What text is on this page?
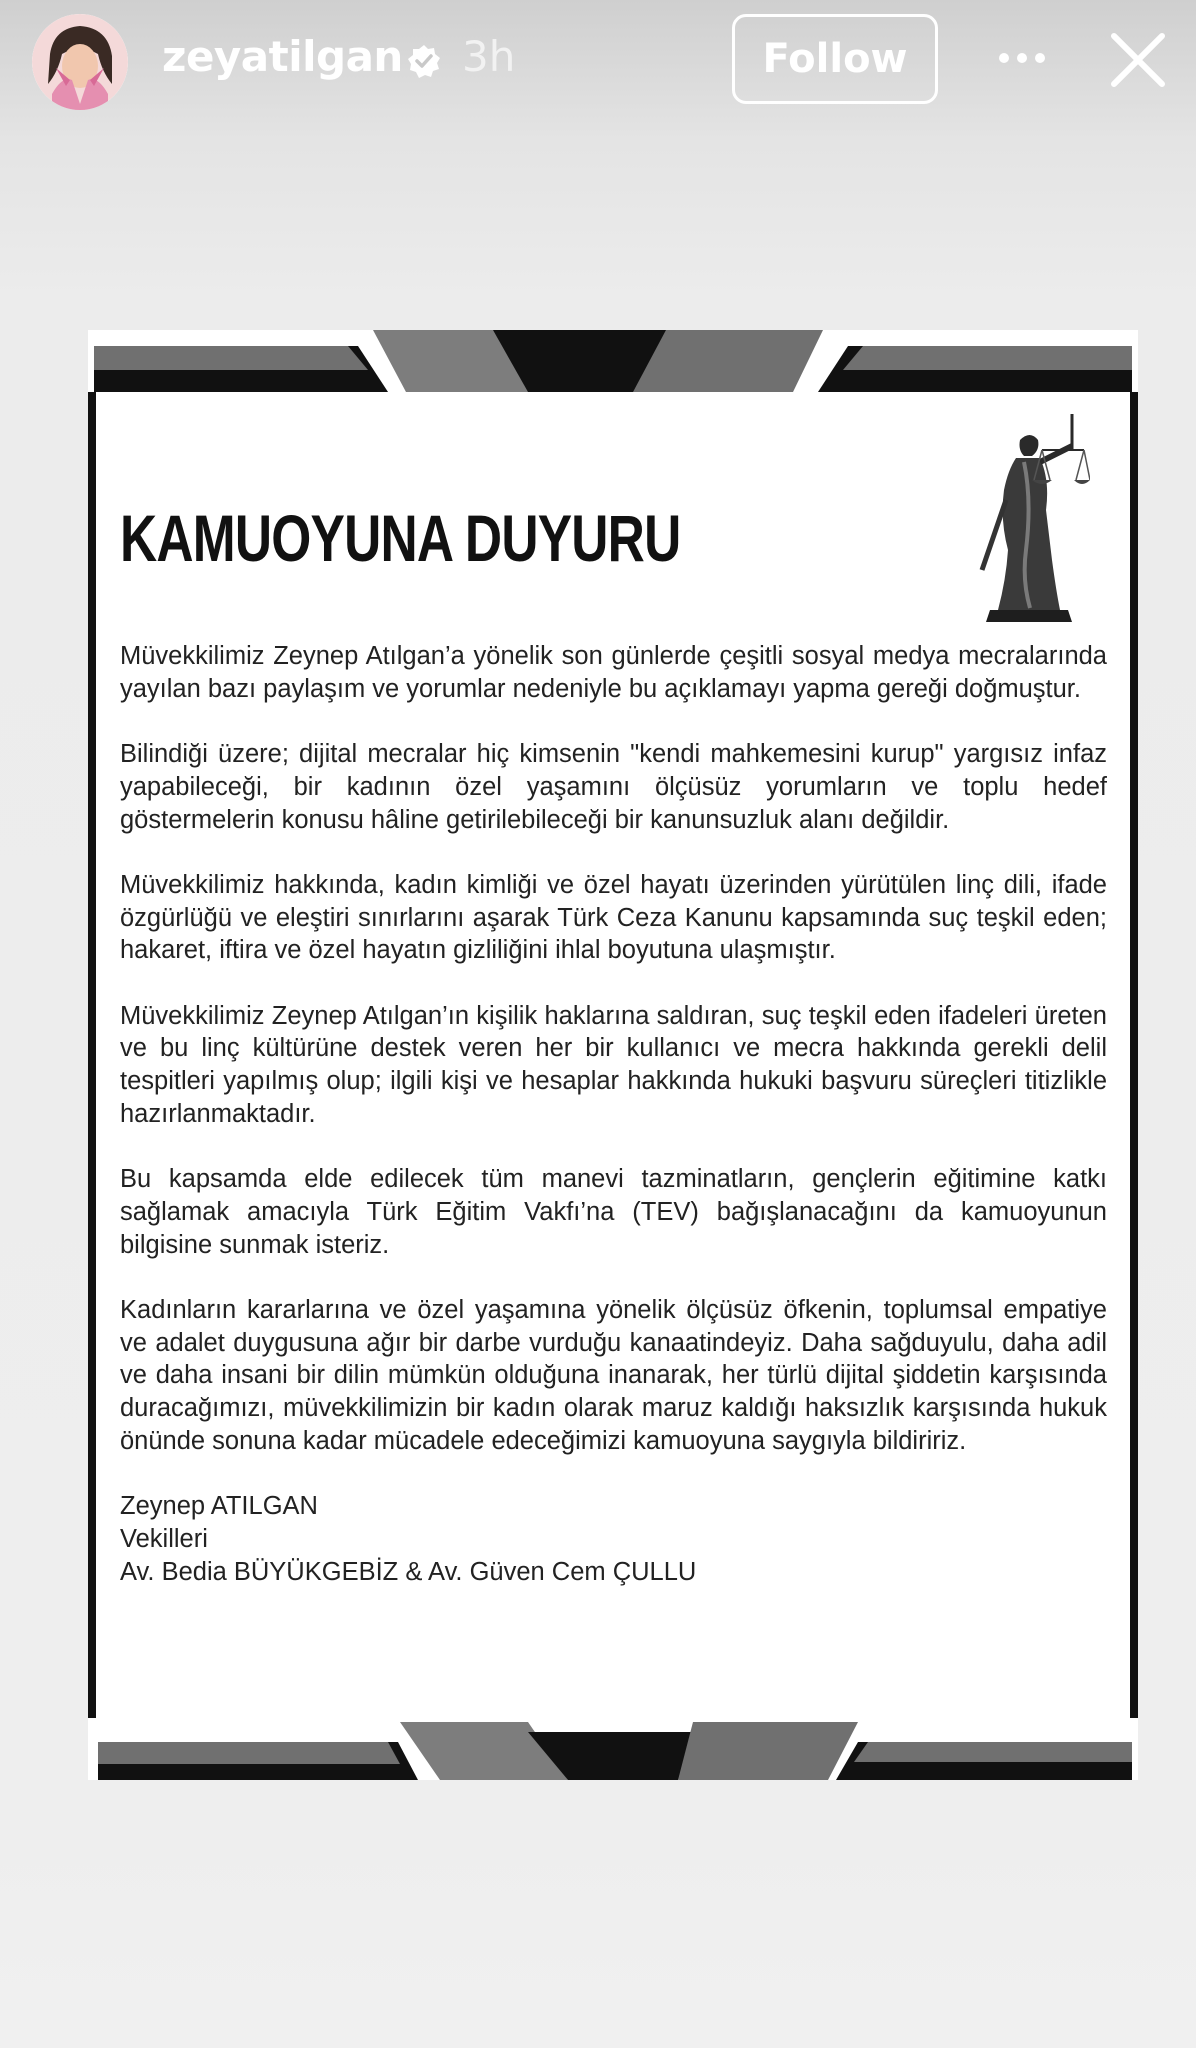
zeyatilgan 3h	Follow
KAMUOYUNA DUYURU

Müvekkilimiz Zeynep Atılgan’a yönelik son günlerde çeşitli sosyal medya mecralarında yayılan bazı paylaşım ve yorumlar nedeniyle bu açıklamayı yapma gereği doğmuştur.

Bilindiği üzere; dijital mecralar hiç kimsenin "kendi mahkemesini kurup" yargısız infaz yapabileceği, bir kadının özel yaşamını ölçüsüz yorumların ve toplu hedef göstermelerin konusu hâline getirilebileceği bir kanunsuzluk alanı değildir.

Müvekkilimiz hakkında, kadın kimliği ve özel hayatı üzerinden yürütülen linç dili, ifade özgürlüğü ve eleştiri sınırlarını aşarak Türk Ceza Kanunu kapsamında suç teşkil eden; hakaret, iftira ve özel hayatın gizliliğini ihlal boyutuna ulaşmıştır.

Müvekkilimiz Zeynep Atılgan’ın kişilik haklarına saldıran, suç teşkil eden ifadeleri üreten ve bu linç kültürüne destek veren her bir kullanıcı ve mecra hakkında gerekli delil tespitleri yapılmış olup; ilgili kişi ve hesaplar hakkında hukuki başvuru süreçleri titizlikle hazırlanmaktadır.

Bu kapsamda elde edilecek tüm manevi tazminatların, gençlerin eğitimine katkı sağlamak amacıyla Türk Eğitim Vakfı’na (TEV) bağışlanacağını da kamuoyunun bilgisine sunmak isteriz.

Kadınların kararlarına ve özel yaşamına yönelik ölçüsüz öfkenin, toplumsal empatiye ve adalet duygusuna ağır bir darbe vurduğu kanaatindeyiz. Daha sağduyulu, daha adil ve daha insani bir dilin mümkün olduğuna inanarak, her türlü dijital şiddetin karşısında duracağımızı, müvekkilimizin bir kadın olarak maruz kaldığı haksızlık karşısında hukuk önünde sonuna kadar mücadele edeceğimizi kamuoyuna saygıyla bildiririz.

Zeynep ATILGAN
Vekilleri
Av. Bedia BÜYÜKGEBİZ & Av. Güven Cem ÇULLU
